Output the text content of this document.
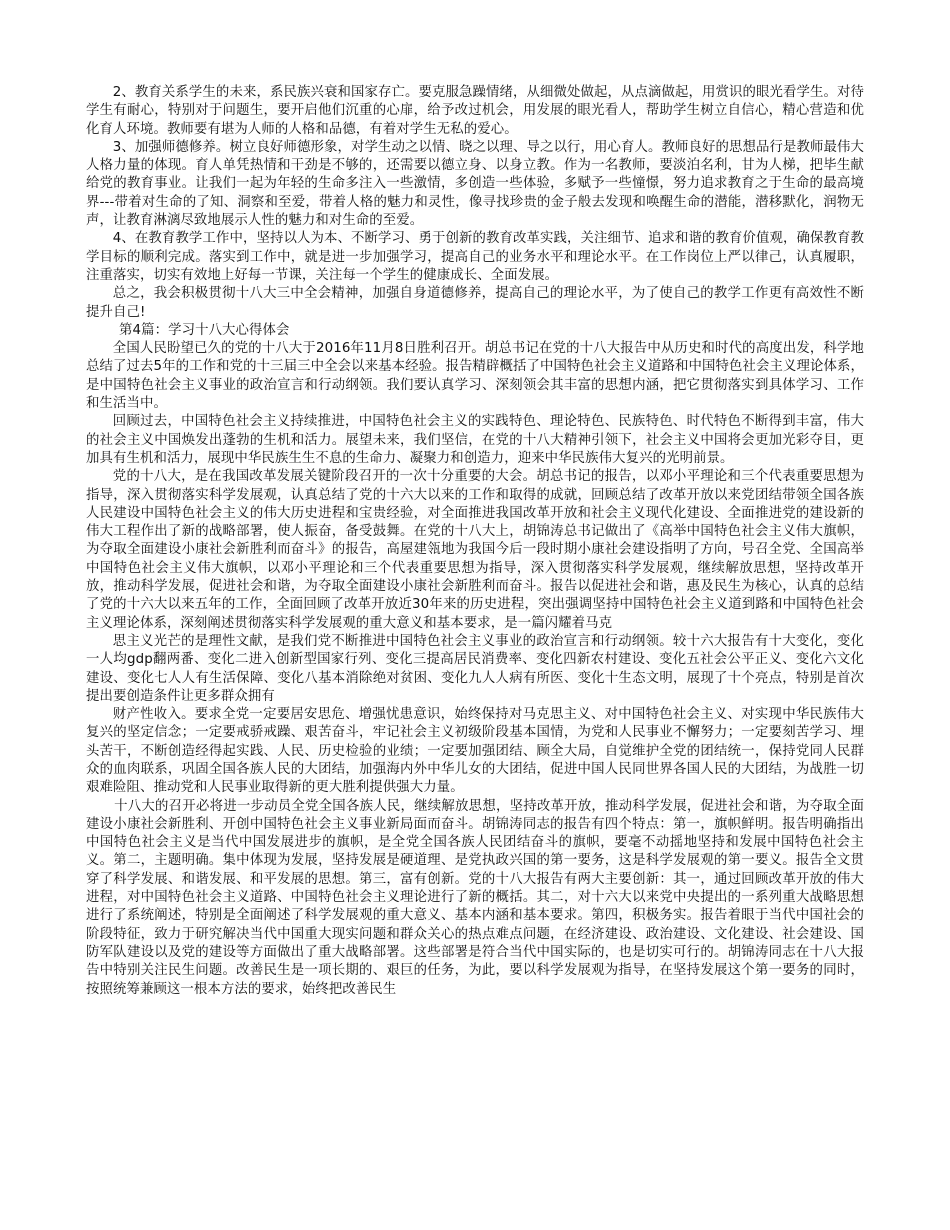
2、教育关系学生的未来，系民族兴衰和国家存亡。要克服急躁情绪，从细微处做起，从点滴做起，用赏识的眼光看学生。对待学生有耐心，特别对于问题生，要开启他们沉重的心扉，给予改过机会，用发展的眼光看人，帮助学生树立自信心，精心营造和优化育人环境。教师要有堪为人师的人格和品德，有着对学生无私的爱心。

3、加强师德修养。树立良好师德形象，对学生动之以情、晓之以理、导之以行，用心育人。教师良好的思想品行是教师最伟大人格力量的体现。育人单凭热情和干劲是不够的，还需要以德立身、以身立教。作为一名教师，要淡泊名利，甘为人梯，把毕生献给党的教育事业。让我们一起为年轻的生命多注入一些激情，多创造一些体验，多赋予一些憧憬，努力追求教育之于生命的最高境界---带着对生命的了知、洞察和至爱，带着人格的魅力和灵性，像寻找珍贵的金子般去发现和唤醒生命的潜能，潜移默化，润物无声，让教育淋漓尽致地展示人性的魅力和对生命的至爱。

4、在教育教学工作中，坚持以人为本、不断学习、勇于创新的教育改革实践，关注细节、追求和谐的教育价值观，确保教育教学目标的顺利完成。落实到工作中，就是进一步加强学习，提高自己的业务水平和理论水平。在工作岗位上严以律己，认真履职，注重落实，切实有效地上好每一节课，关注每一个学生的健康成长、全面发展。

总之，我会积极贯彻十八大三中全会精神，加强自身道德修养，提高自己的理论水平，为了使自己的教学工作更有高效性不断提升自己!

第4篇：学习十八大心得体会

全国人民盼望已久的党的十八大于2016年11月8日胜利召开。胡总书记在党的十八大报告中从历史和时代的高度出发，科学地总结了过去5年的工作和党的十三届三中全会以来基本经验。报告精辟概括了中国特色社会主义道路和中国特色社会主义理论体系，是中国特色社会主义事业的政治宣言和行动纲领。我们要认真学习、深刻领会其丰富的思想内涵，把它贯彻落实到具体学习、工作和生活当中。

回顾过去，中国特色社会主义持续推进，中国特色社会主义的实践特色、理论特色、民族特色、时代特色不断得到丰富，伟大的社会主义中国焕发出蓬勃的生机和活力。展望未来，我们坚信，在党的十八大精神引领下，社会主义中国将会更加光彩夺目，更加具有生机和活力，展现中华民族生生不息的生命力、凝聚力和创造力，迎来中华民族伟大复兴的光明前景。

党的十八大，是在我国改革发展关键阶段召开的一次十分重要的大会。胡总书记的报告，以邓小平理论和三个代表重要思想为指导，深入贯彻落实科学发展观，认真总结了党的十六大以来的工作和取得的成就，回顾总结了改革开放以来党团结带领全国各族人民建设中国特色社会主义的伟大历史进程和宝贵经验，对全面推进我国改革开放和社会主义现代化建设、全面推进党的建设新的伟大工程作出了新的战略部署，使人振奋，备受鼓舞。在党的十八大上，胡锦涛总书记做出了《高举中国特色社会主义伟大旗帜，为夺取全面建设小康社会新胜利而奋斗》的报告，高屋建瓴地为我国今后一段时期小康社会建设指明了方向，号召全党、全国高举中国特色社会主义伟大旗帜，以邓小平理论和三个代表重要思想为指导，深入贯彻落实科学发展观，继续解放思想，坚持改革开放，推动科学发展，促进社会和谐，为夺取全面建设小康社会新胜利而奋斗。报告以促进社会和谐，惠及民生为核心，认真的总结了党的十六大以来五年的工作，全面回顾了改革开放近30年来的历史进程，突出强调坚持中国特色社会主义道到路和中国特色社会主义理论体系，深刻阐述贯彻落实科学发展观的重大意义和基本要求，是一篇闪耀着马克

思主义光芒的是理性文献，是我们党不断推进中国特色社会主义事业的政治宣言和行动纲领。较十六大报告有十大变化，变化一人均gdp翻两番、变化二进入创新型国家行列、变化三提高居民消费率、变化四新农村建设、变化五社会公平正义、变化六文化建设、变化七人人有生活保障、变化八基本消除绝对贫困、变化九人人病有所医、变化十生态文明，展现了十个亮点，特别是首次提出要创造条件让更多群众拥有

财产性收入。要求全党一定要居安思危、增强忧患意识，始终保持对马克思主义、对中国特色社会主义、对实现中华民族伟大复兴的坚定信念；一定要戒骄戒躁、艰苦奋斗，牢记社会主义初级阶段基本国情，为党和人民事业不懈努力；一定要刻苦学习、埋头苦干，不断创造经得起实践、人民、历史检验的业绩；一定要加强团结、顾全大局，自觉维护全党的团结统一，保持党同人民群众的血肉联系，巩固全国各族人民的大团结，加强海内外中华儿女的大团结，促进中国人民同世界各国人民的大团结，为战胜一切艰难险阻、推动党和人民事业取得新的更大胜利提供强大力量。

十八大的召开必将进一步动员全党全国各族人民，继续解放思想，坚持改革开放，推动科学发展，促进社会和谐，为夺取全面建设小康社会新胜利、开创中国特色社会主义事业新局面而奋斗。胡锦涛同志的报告有四个特点：第一，旗帜鲜明。报告明确指出中国特色社会主义是当代中国发展进步的旗帜，是全党全国各族人民团结奋斗的旗帜，要毫不动摇地坚持和发展中国特色社会主义。第二，主题明确。集中体现为发展，坚持发展是硬道理、是党执政兴国的第一要务，这是科学发展观的第一要义。报告全文贯穿了科学发展、和谐发展、和平发展的思想。第三，富有创新。党的十八大报告有两大主要创新：其一，通过回顾改革开放的伟大进程，对中国特色社会主义道路、中国特色社会主义理论进行了新的概括。其二，对十六大以来党中央提出的一系列重大战略思想进行了系统阐述，特别是全面阐述了科学发展观的重大意义、基本内涵和基本要求。第四，积极务实。报告着眼于当代中国社会的阶段特征，致力于研究解决当代中国重大现实问题和群众关心的热点难点问题，在经济建设、政治建设、文化建设、社会建设、国防军队建设以及党的建设等方面做出了重大战略部署。这些部署是符合当代中国实际的，也是切实可行的。胡锦涛同志在十八大报告中特别关注民生问题。改善民生是一项长期的、艰巨的任务，为此，要以科学发展观为指导，在坚持发展这个第一要务的同时，按照统筹兼顾这一根本方法的要求，始终把改善民生
